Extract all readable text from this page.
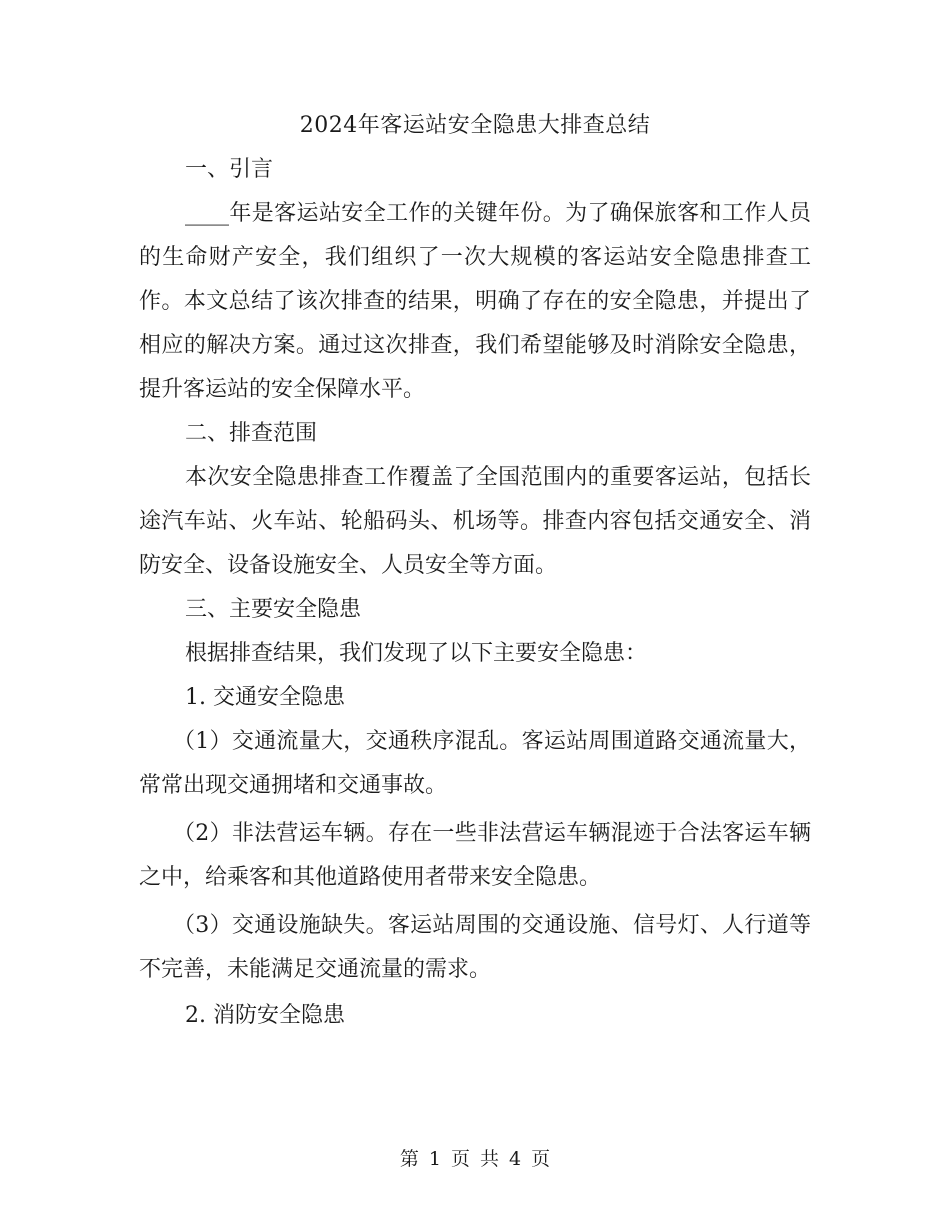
2024年客运站安全隐患大排查总结

一、引言

____年是客运站安全工作的关键年份。为了确保旅客和工作人员的生命财产安全，我们组织了一次大规模的客运站安全隐患排查工作。本文总结了该次排查的结果，明确了存在的安全隐患，并提出了相应的解决方案。通过这次排查，我们希望能够及时消除安全隐患，提升客运站的安全保障水平。

二、排查范围

本次安全隐患排查工作覆盖了全国范围内的重要客运站，包括长途汽车站、火车站、轮船码头、机场等。排查内容包括交通安全、消防安全、设备设施安全、人员安全等方面。

三、主要安全隐患

根据排查结果，我们发现了以下主要安全隐患：

1. 交通安全隐患

（1）交通流量大，交通秩序混乱。客运站周围道路交通流量大，常常出现交通拥堵和交通事故。

（2）非法营运车辆。存在一些非法营运车辆混迹于合法客运车辆之中，给乘客和其他道路使用者带来安全隐患。

（3）交通设施缺失。客运站周围的交通设施、信号灯、人行道等不完善，未能满足交通流量的需求。

2. 消防安全隐患

第 1 页 共 4 页
